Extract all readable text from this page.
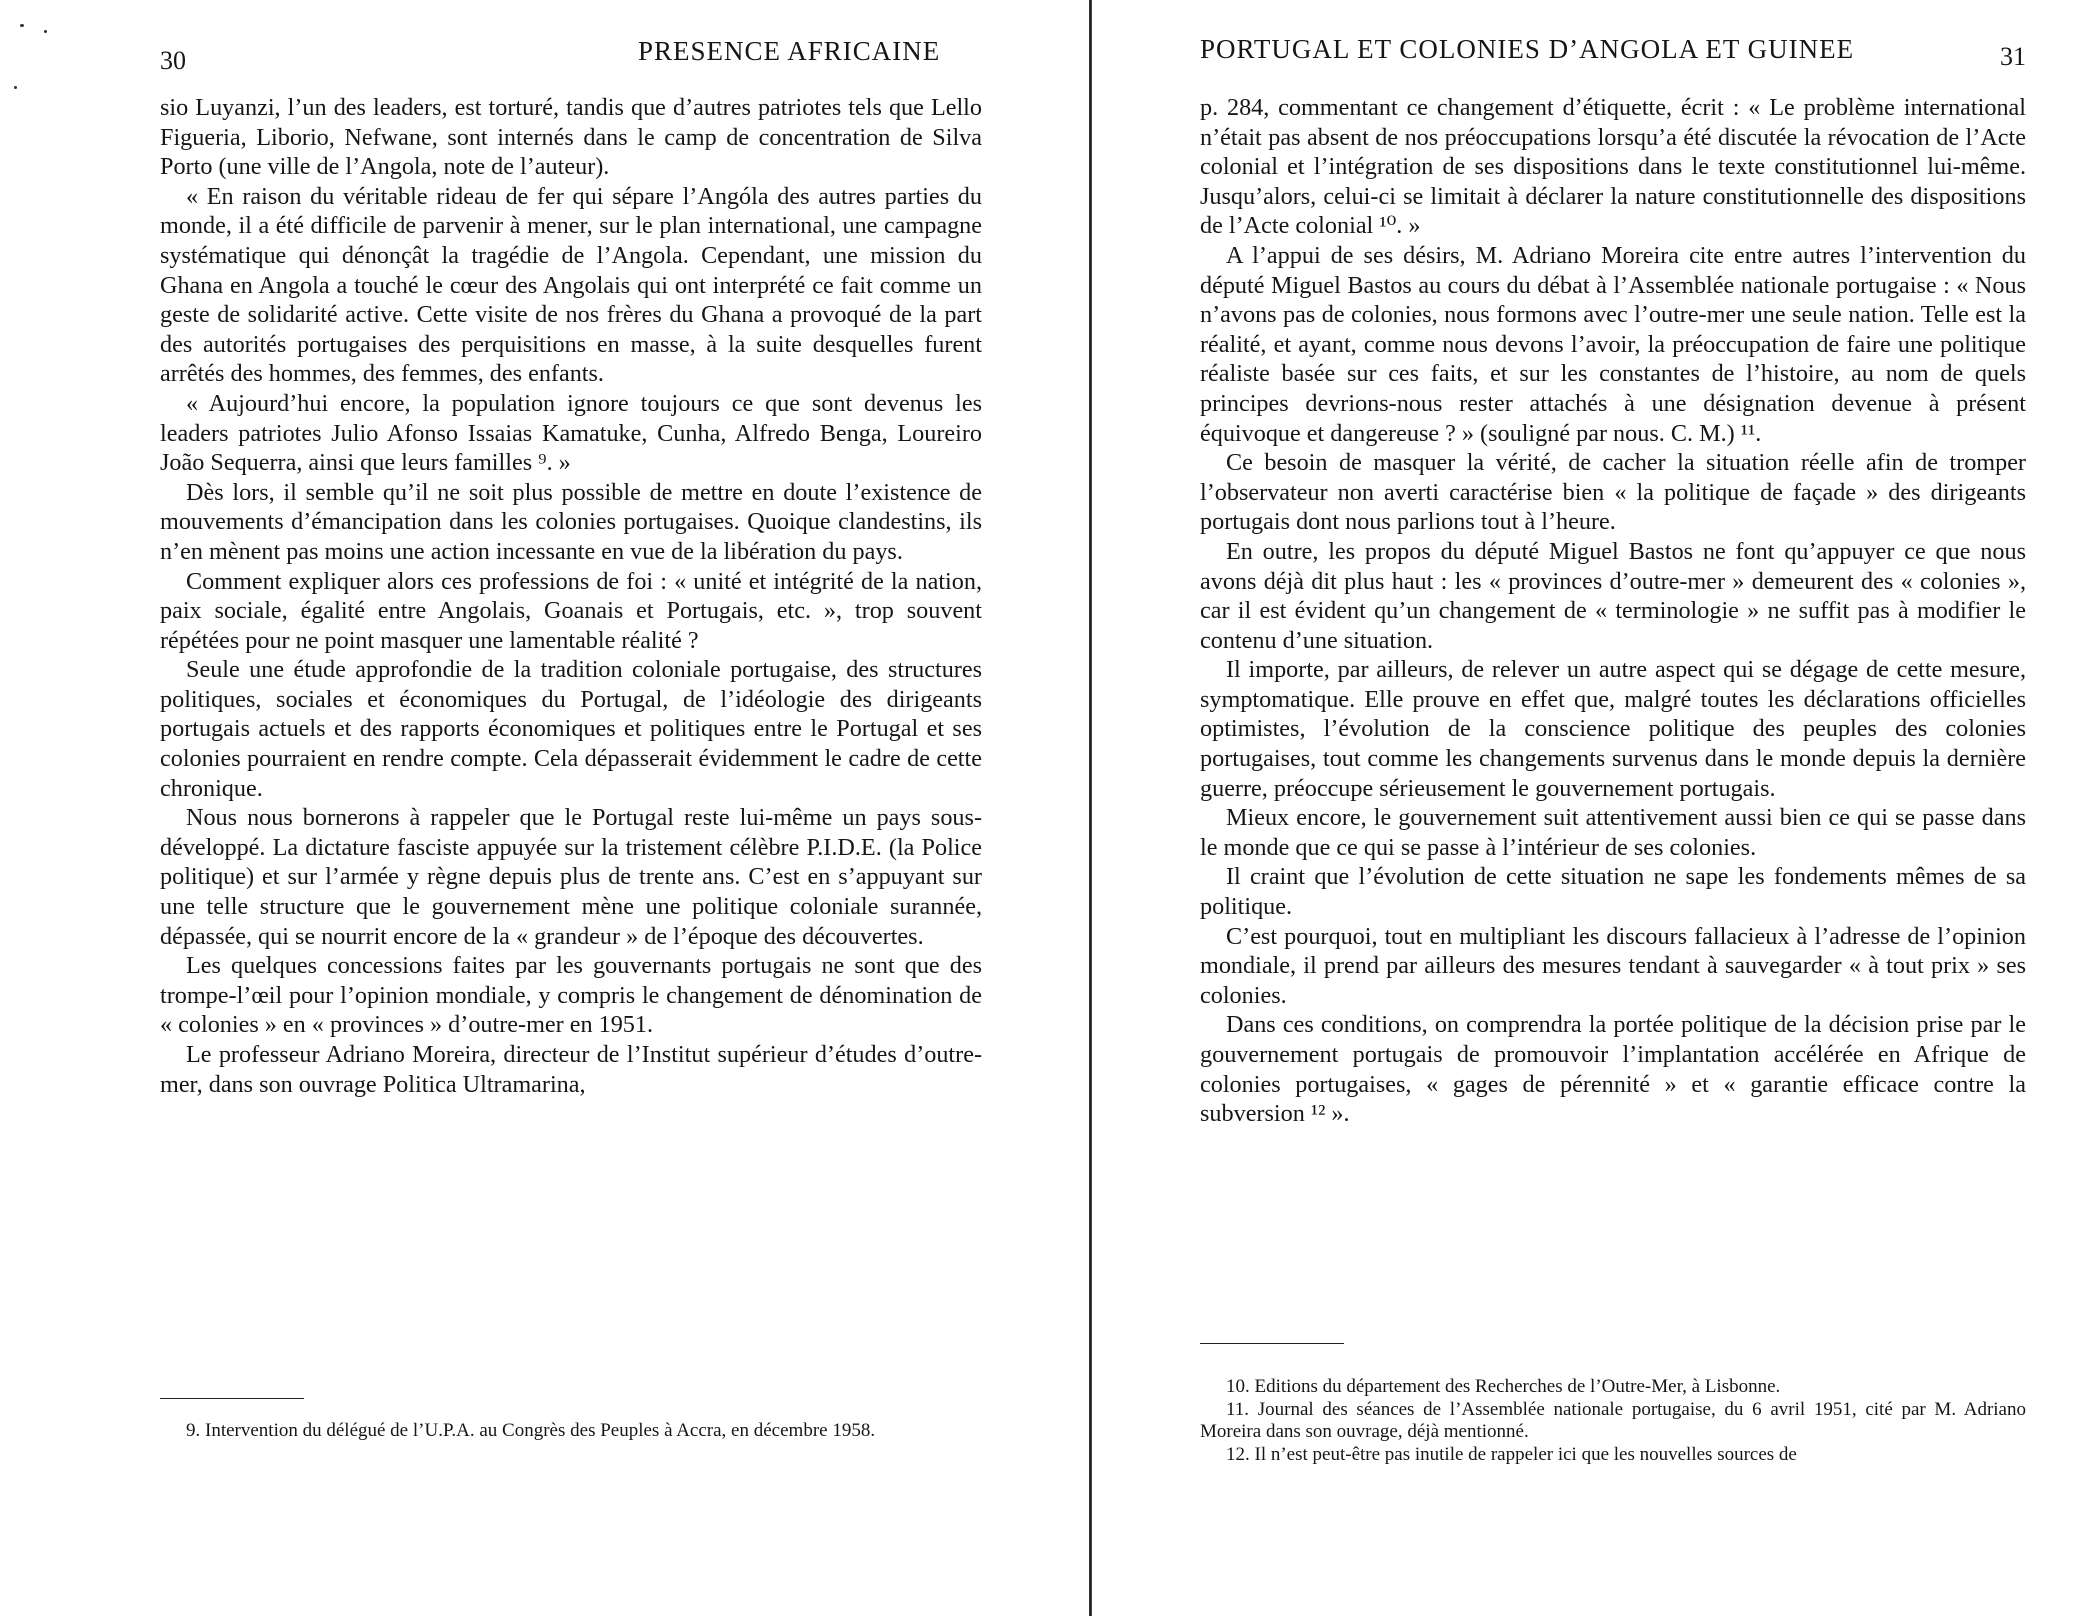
30	PRESENCE AFRICAINE

sio Luyanzi, l’un des leaders, est torturé, tandis que d’autres patriotes tels que Lello Figueria, Liborio, Nefwane, sont internés dans le camp de concentration de Silva Porto (une ville de l’Angola, note de l’auteur).

« En raison du véritable rideau de fer qui sépare l’Angóla des autres parties du monde, il a été difficile de parvenir à mener, sur le plan international, une campagne systématique qui dénonçât la tragédie de l’Angola. Cependant, une mission du Ghana en Angola a touché le cœur des Angolais qui ont interprété ce fait comme un geste de solidarité active. Cette visite de nos frères du Ghana a provoqué de la part des autorités portugaises des perquisitions en masse, à la suite desquelles furent arrêtés des hommes, des femmes, des enfants.

« Aujourd’hui encore, la population ignore toujours ce que sont devenus les leaders patriotes Julio Afonso Issaias Kamatuke, Cunha, Alfredo Benga, Loureiro João Sequerra, ainsi que leurs familles ⁹. »

Dès lors, il semble qu’il ne soit plus possible de mettre en doute l’existence de mouvements d’émancipation dans les colonies portugaises. Quoique clandestins, ils n’en mènent pas moins une action incessante en vue de la libération du pays.

Comment expliquer alors ces professions de foi : « unité et intégrité de la nation, paix sociale, égalité entre Angolais, Goanais et Portugais, etc. », trop souvent répétées pour ne point masquer une lamentable réalité ?

Seule une étude approfondie de la tradition coloniale portugaise, des structures politiques, sociales et économiques du Portugal, de l’idéologie des dirigeants portugais actuels et des rapports économiques et politiques entre le Portugal et ses colonies pourraient en rendre compte. Cela dépasserait évidemment le cadre de cette chronique.

Nous nous bornerons à rappeler que le Portugal reste lui-même un pays sous-développé. La dictature fasciste appuyée sur la tristement célèbre P.I.D.E. (la Police politique) et sur l’armée y règne depuis plus de trente ans. C’est en s’appuyant sur une telle structure que le gouvernement mène une politique coloniale surannée, dépassée, qui se nourrit encore de la « grandeur » de l’époque des découvertes.

Les quelques concessions faites par les gouvernants portugais ne sont que des trompe-l’œil pour l’opinion mondiale, y compris le changement de dénomination de « colonies » en « provinces » d’outre-mer en 1951.

Le professeur Adriano Moreira, directeur de l’Institut supérieur d’études d’outre-mer, dans son ouvrage Politica Ultramarina,

9. Intervention du délégué de l’U.P.A. au Congrès des Peuples à Accra, en décembre 1958.

PORTUGAL ET COLONIES D’ANGOLA ET GUINEE	31

p. 284, commentant ce changement d’étiquette, écrit : « Le problème international n’était pas absent de nos préoccupations lorsqu’a été discutée la révocation de l’Acte colonial et l’intégration de ses dispositions dans le texte constitutionnel lui-même. Jusqu’alors, celui-ci se limitait à déclarer la nature constitutionnelle des dispositions de l’Acte colonial ¹⁰. »

A l’appui de ses désirs, M. Adriano Moreira cite entre autres l’intervention du député Miguel Bastos au cours du débat à l’Assemblée nationale portugaise : « Nous n’avons pas de colonies, nous formons avec l’outre-mer une seule nation. Telle est la réalité, et ayant, comme nous devons l’avoir, la préoccupation de faire une politique réaliste basée sur ces faits, et sur les constantes de l’histoire, au nom de quels principes devrions-nous rester attachés à une désignation devenue à présent équivoque et dangereuse ? » (souligné par nous. C. M.) ¹¹.

Ce besoin de masquer la vérité, de cacher la situation réelle afin de tromper l’observateur non averti caractérise bien « la politique de façade » des dirigeants portugais dont nous parlions tout à l’heure.

En outre, les propos du député Miguel Bastos ne font qu’appuyer ce que nous avons déjà dit plus haut : les « provinces d’outre-mer » demeurent des « colonies », car il est évident qu’un changement de « terminologie » ne suffit pas à modifier le contenu d’une situation.

Il importe, par ailleurs, de relever un autre aspect qui se dégage de cette mesure, symptomatique. Elle prouve en effet que, malgré toutes les déclarations officielles optimistes, l’évolution de la conscience politique des peuples des colonies portugaises, tout comme les changements survenus dans le monde depuis la dernière guerre, préoccupe sérieusement le gouvernement portugais.

Mieux encore, le gouvernement suit attentivement aussi bien ce qui se passe dans le monde que ce qui se passe à l’intérieur de ses colonies.

Il craint que l’évolution de cette situation ne sape les fondements mêmes de sa politique.

C’est pourquoi, tout en multipliant les discours fallacieux à l’adresse de l’opinion mondiale, il prend par ailleurs des mesures tendant à sauvegarder « à tout prix » ses colonies.

Dans ces conditions, on comprendra la portée politique de la décision prise par le gouvernement portugais de promouvoir l’implantation accélérée en Afrique de colonies portugaises, « gages de pérennité » et « garantie efficace contre la subversion ¹² ».

10. Editions du département des Recherches de l’Outre-Mer, à Lisbonne.

11. Journal des séances de l’Assemblée nationale portugaise, du 6 avril 1951, cité par M. Adriano Moreira dans son ouvrage, déjà mentionné.

12. Il n’est peut-être pas inutile de rappeler ici que les nouvelles sources de
